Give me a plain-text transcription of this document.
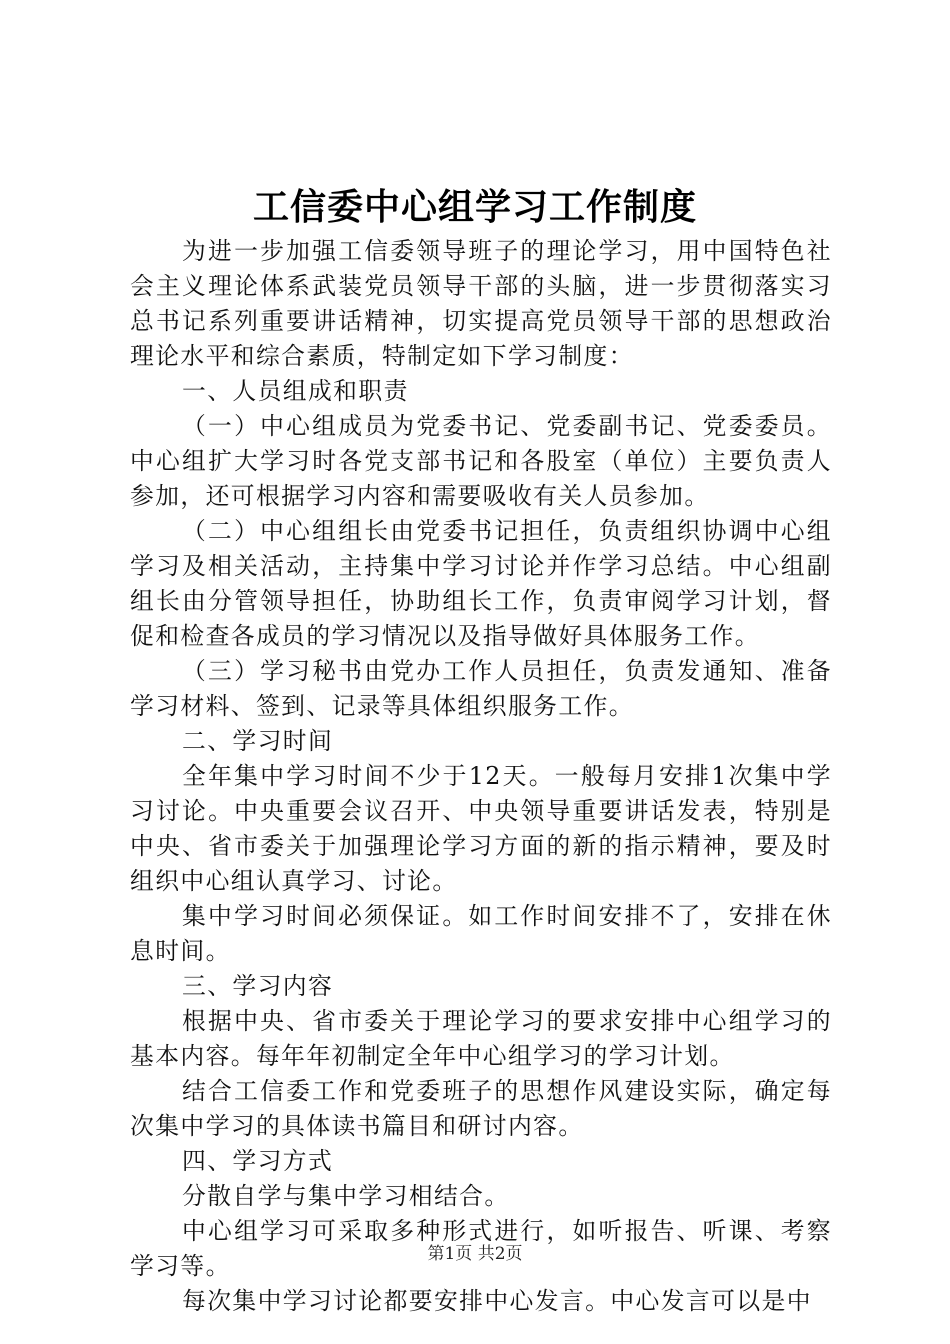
工信委中心组学习工作制度

为进一步加强工信委领导班子的理论学习，用中国特色社会主义理论体系武装党员领导干部的头脑，进一步贯彻落实习总书记系列重要讲话精神，切实提高党员领导干部的思想政治理论水平和综合素质，特制定如下学习制度：

一、人员组成和职责

（一）中心组成员为党委书记、党委副书记、党委委员。中心组扩大学习时各党支部书记和各股室（单位）主要负责人参加，还可根据学习内容和需要吸收有关人员参加。

（二）中心组组长由党委书记担任，负责组织协调中心组学习及相关活动，主持集中学习讨论并作学习总结。中心组副组长由分管领导担任，协助组长工作，负责审阅学习计划，督促和检查各成员的学习情况以及指导做好具体服务工作。

（三）学习秘书由党办工作人员担任，负责发通知、准备学习材料、签到、记录等具体组织服务工作。

二、学习时间

全年集中学习时间不少于12天。一般每月安排1次集中学习讨论。中央重要会议召开、中央领导重要讲话发表，特别是中央、省市委关于加强理论学习方面的新的指示精神，要及时组织中心组认真学习、讨论。

集中学习时间必须保证。如工作时间安排不了，安排在休息时间。

三、学习内容

根据中央、省市委关于理论学习的要求安排中心组学习的基本内容。每年年初制定全年中心组学习的学习计划。

结合工信委工作和党委班子的思想作风建设实际，确定每次集中学习的具体读书篇目和研讨内容。

四、学习方式

分散自学与集中学习相结合。

中心组学习可采取多种形式进行，如听报告、听课、考察学习等。

每次集中学习讨论都要安排中心发言。中心发言可以是中

第1页 共2页
